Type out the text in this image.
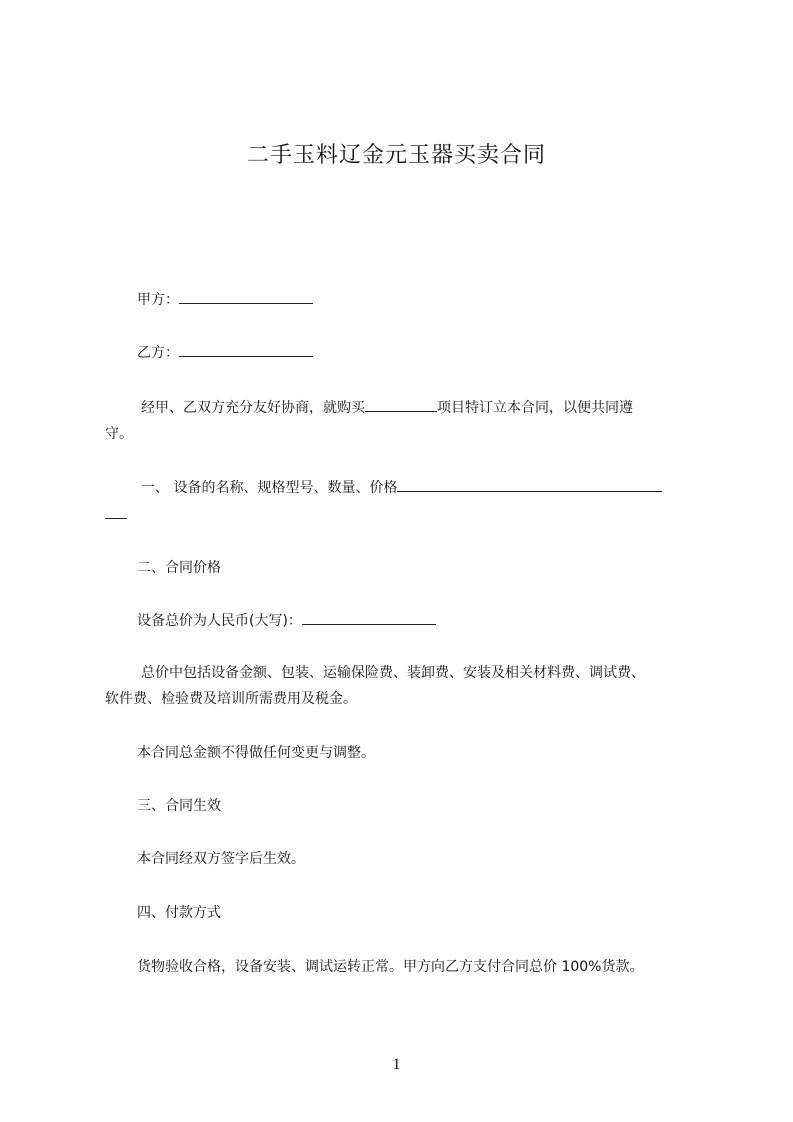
二手玉料辽金元玉器买卖合同
甲方：
乙方：
经甲、乙双方充分友好协商，就购买	项目特订立本合同，以便共同遵
守。
一、 设备的名称、规格型号、数量、价格
二、合同价格
设备总价为人民币(大写)：
总价中包括设备金额、包装、运输保险费、装卸费、安装及相关材料费、调试费、
软件费、检验费及培训所需费用及税金。
本合同总金额不得做任何变更与调整。
三、合同生效
本合同经双方签字后生效。
四、付款方式
货物验收合格，设备安装、调试运转正常。甲方向乙方支付合同总价 100%货款。
1
